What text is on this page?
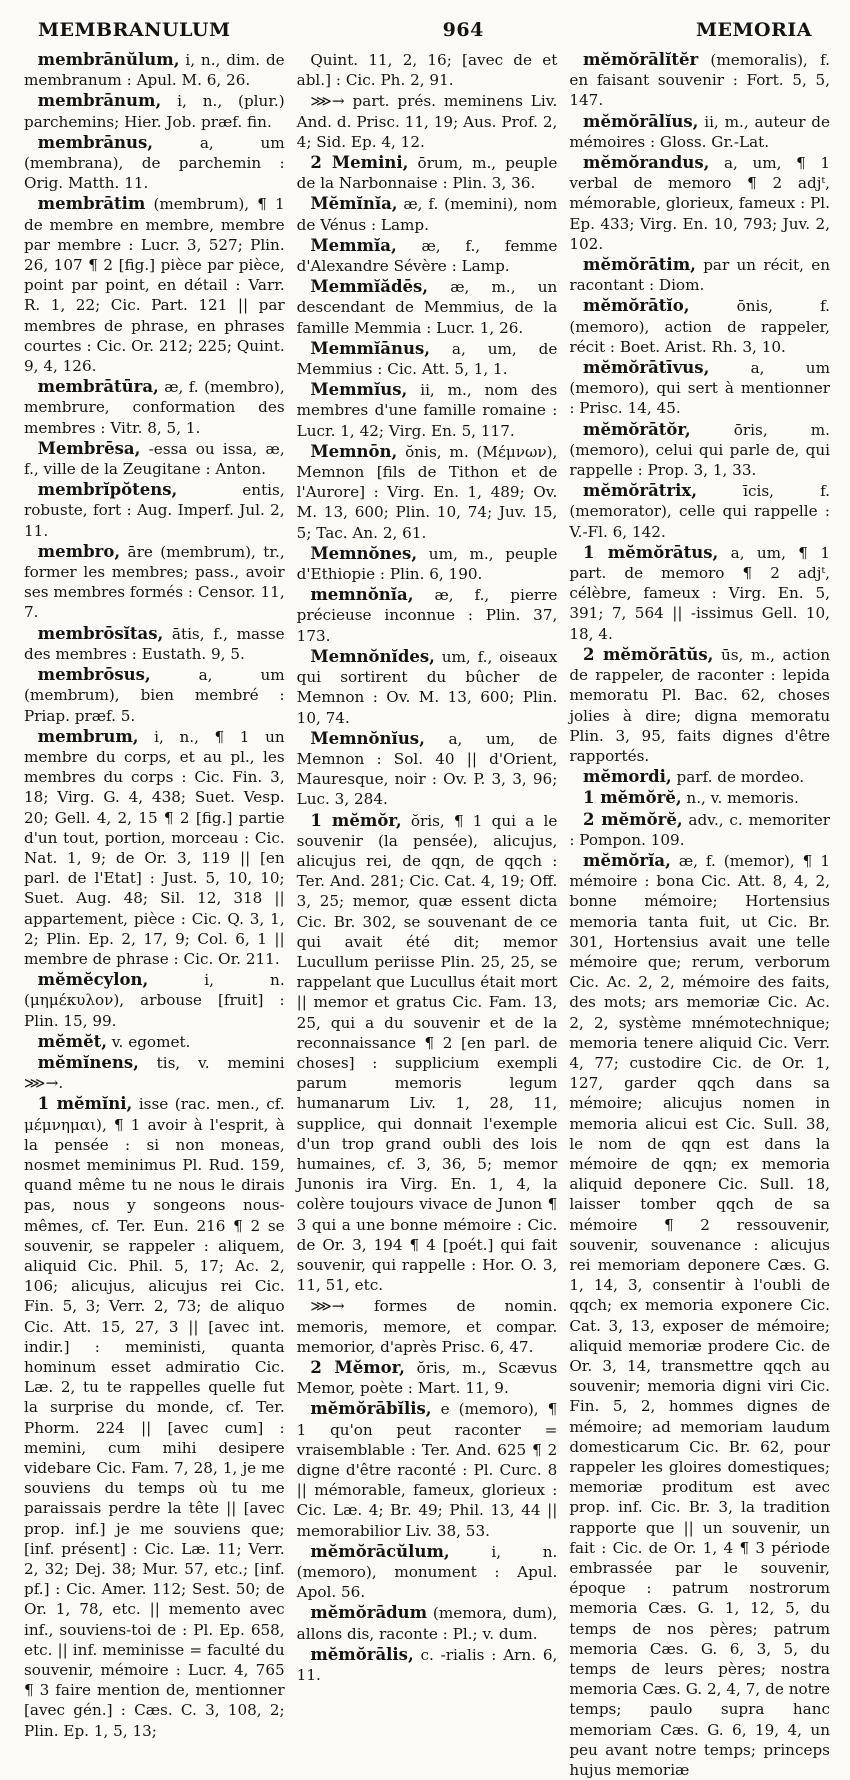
MEMBRANULUM	964	MEMORIA

membrānŭlum, i, n., dim. de membranum : Apul. M. 6, 26.

membrānum, i, n., (plur.) parchemins; Hier. Job. præf. fin.

membrānus,	a, um (membrana), de parchemin : Orig. Matth. 11.

membrātim (membrum), ¶ 1 de membre en membre, membre par membre : Lucr. 3, 527; Plin. 26, 107 ¶ 2 [fig.] pièce par pièce, point par point, en détail : Varr. R. 1, 22; Cic. Part. 121 || par membres de phrase, en phrases courtes : Cic. Or. 212; 225; Quint. 9, 4, 126.

membrātūra, æ, f. (membro), membrure, conformation des membres : Vitr. 8, 5, 1.

Membrēsa, -essa ou issa, æ, f., ville de la Zeugitane : Anton.

membrĭpŏtens,	entis, robuste, fort : Aug. Imperf. Jul. 2, 11.

membro, āre (membrum), tr., former les membres; pass., avoir ses membres formés : Censor. 11, 7.

membrōsĭtas, ātis, f., masse des membres : Eustath. 9, 5.

membrōsus,	a, um (membrum), bien membré : Priap. præf. 5.

membrum, i, n., ¶ 1 un membre du corps, et au pl., les membres du corps : Cic. Fin. 3, 18; Virg. G. 4, 438; Suet. Vesp. 20; Gell. 4, 2, 15 ¶ 2 [fig.] partie d'un tout, portion, morceau : Cic. Nat. 1, 9; de Or. 3, 119 || [en parl. de l'Etat] : Just. 5, 10, 10; Suet. Aug. 48; Sil. 12, 318 || appartement, pièce : Cic. Q. 3, 1, 2; Plin. Ep. 2, 17, 9; Col. 6, 1 || membre de phrase : Cic. Or. 211.

mĕmĕcylon,	i, n. (μημέκυλον), arbouse [fruit] : Plin. 15, 99.

mĕmĕt, v. egomet.

mĕmĭnens, tis, v. memini ⋙→.

1 mĕmĭni, isse (rac. men., cf. μέμνημαι), ¶ 1 avoir à l'esprit, à la pensée : si non moneas, nosmet meminimus Pl. Rud. 159, quand même tu ne nous le dirais pas, nous y songeons nous-mêmes, cf. Ter. Eun. 216 ¶ 2 se souvenir, se rappeler : aliquem, aliquid Cic. Phil. 5, 17; Ac. 2, 106; alicujus, alicujus rei Cic. Fin. 5, 3; Verr. 2, 73; de aliquo Cic. Att. 15, 27, 3 || [avec int. indir.] : meministi, quanta hominum esset admiratio Cic. Læ. 2, tu te rappelles quelle fut la surprise du monde, cf. Ter. Phorm. 224 || [avec cum] : memini, cum mihi desipere videbare Cic. Fam. 7, 28, 1, je me souviens du temps où tu me paraissais perdre la tête || [avec prop. inf.] je me souviens que; [inf. présent] : Cic. Læ. 11; Verr. 2, 32; Dej. 38; Mur. 57, etc.; [inf. pf.] : Cic. Amer. 112; Sest. 50; de Or. 1, 78, etc. || memento avec inf., souviens-toi de : Pl. Ep. 658, etc. || inf. meminisse = faculté du souvenir, mémoire : Lucr. 4, 765 ¶ 3 faire mention de, mentionner [avec gén.] : Cæs. C. 3, 108, 2; Plin. Ep. 1, 5, 13;

Quint. 11, 2, 16; [avec de et abl.] : Cic. Ph. 2, 91.

⋙→ part. prés. meminens Liv. And. d. Prisc. 11, 19; Aus. Prof. 2, 4; Sid. Ep. 4, 12.

2 Memini, ōrum, m., peuple de la Narbonnaise : Plin. 3, 36.

Mĕmĭnĭa, æ, f. (memini), nom de Vénus : Lamp.

Memmĭa, æ, f., femme d'Alexandre Sévère : Lamp.

Memmĭădēs, æ, m., un descendant de Memmius, de la famille Memmia : Lucr. 1, 26.

Memmĭānus, a, um, de Memmius : Cic. Att. 5, 1, 1.

Memmĭus, ii, m., nom des membres d'une famille romaine : Lucr. 1, 42; Virg. En. 5, 117.

Memnōn, ŏnis, m. (Μέμνων), Memnon [fils de Tithon et de l'Aurore] : Virg. En. 1, 489; Ov. M. 13, 600; Plin. 10, 74; Juv. 15, 5; Tac. An. 2, 61.

Memnŏnes, um, m., peuple d'Ethiopie : Plin. 6, 190.

memnŏnĭa, æ, f., pierre précieuse inconnue : Plin. 37, 173.

Memnŏnĭdes, um, f., oiseaux qui sortirent du bûcher de Memnon : Ov. M. 13, 600; Plin. 10, 74.

Memnŏnĭus, a, um, de Memnon : Sol. 40 || d'Orient, Mauresque, noir : Ov. P. 3, 3, 96; Luc. 3, 284.

1 mĕmŏr, ŏris, ¶ 1 qui a le souvenir (la pensée), alicujus, alicujus rei, de qqn, de qqch : Ter. And. 281; Cic. Cat. 4, 19; Off. 3, 25; memor, quæ essent dicta Cic. Br. 302, se souvenant de ce qui avait été dit; memor Lucullum periisse Plin. 25, 25, se rappelant que Lucullus était mort || memor et gratus Cic. Fam. 13, 25, qui a du souvenir et de la reconnaissance ¶ 2 [en parl. de choses] : supplicium exempli parum memoris legum humanarum Liv. 1, 28, 11, supplice, qui donnait l'exemple d'un trop grand oubli des lois humaines, cf. 3, 36, 5; memor Junonis ira Virg. En. 1, 4, la colère toujours vivace de Junon ¶ 3 qui a une bonne mémoire : Cic. de Or. 3, 194 ¶ 4 [poét.] qui fait souvenir, qui rappelle : Hor. O. 3, 11, 51, etc.

⋙→ formes de nomin. memoris, memore, et compar. memorior, d'après Prisc. 6, 47.

2 Mĕmor, ŏris, m., Scævus Memor, poète : Mart. 11, 9.

mĕmŏrābĭlis, e (memoro), ¶ 1 qu'on peut raconter = vraisemblable : Ter. And. 625 ¶ 2 digne d'être raconté : Pl. Curc. 8 || mémorable, fameux, glorieux : Cic. Læ. 4; Br. 49; Phil. 13, 44 || memorabilior Liv. 38, 53.

mĕmŏrācŭlum,	i, n. (memoro), monument : Apul. Apol. 56.

mĕmŏrādum (memora, dum), allons dis, raconte : Pl.; v. dum.

mĕmŏrālis, c. -rialis : Arn. 6, 11.

mĕmŏrālĭtĕr (memoralis), f. en faisant souvenir : Fort. 5, 5, 147.

mĕmŏrālĭus, ii, m., auteur de mémoires : Gloss. Gr.-Lat.

mĕmŏrandus, a, um, ¶ 1 verbal de memoro ¶ 2 adjᵗ, mémorable, glorieux, fameux : Pl. Ep. 433; Virg. En. 10, 793; Juv. 2, 102.

mĕmŏrātim, par un récit, en racontant : Diom.

mĕmŏrātĭo,	ōnis, f. (memoro), action de rappeler, récit : Boet. Arist. Rh. 3, 10.

mĕmŏrātīvus,	a, um (memoro), qui sert à mentionner : Prisc. 14, 45.

mĕmŏrātŏr,	ōris, m. (memoro), celui qui parle de, qui rappelle : Prop. 3, 1, 33.

mĕmŏrātrix,	īcis, f. (memorator), celle qui rappelle : V.-Fl. 6, 142.

1 mĕmŏrātus, a, um, ¶ 1 part. de memoro ¶ 2 adjᵗ, célèbre, fameux : Virg. En. 5, 391; 7, 564 || -issimus Gell. 10, 18, 4.

2 mĕmŏrātŭs, ūs, m., action de rappeler, de raconter : lepida memoratu Pl. Bac. 62, choses jolies à dire; digna memoratu Plin. 3, 95, faits dignes d'être rapportés.

mĕmordi, parf. de mordeo.

1 mĕmŏrĕ, n., v. memoris.

2 mĕmŏrĕ, adv., c. memoriter : Pompon. 109.

mĕmŏrĭa, æ, f. (memor), ¶ 1 mémoire : bona Cic. Att. 8, 4, 2, bonne mémoire; Hortensius memoria tanta fuit, ut Cic. Br. 301, Hortensius avait une telle mémoire que; rerum, verborum Cic. Ac. 2, 2, mémoire des faits, des mots; ars memoriæ Cic. Ac. 2, 2, système mnémotechnique; memoria tenere aliquid Cic. Verr. 4, 77; custodire Cic. de Or. 1, 127, garder qqch dans sa mémoire; alicujus nomen in memoria alicui est Cic. Sull. 38, le nom de qqn est dans la mémoire de qqn; ex memoria aliquid deponere Cic. Sull. 18, laisser tomber qqch de sa mémoire ¶ 2 ressouvenir, souvenir, souvenance : alicujus rei memoriam deponere Cæs. G. 1, 14, 3, consentir à l'oubli de qqch; ex memoria exponere Cic. Cat. 3, 13, exposer de mémoire; aliquid memoriæ prodere Cic. de Or. 3, 14, transmettre qqch au souvenir; memoria digni viri Cic. Fin. 5, 2, hommes dignes de mémoire; ad memoriam laudum domesticarum Cic. Br. 62, pour rappeler les gloires domestiques; memoriæ proditum est avec prop. inf. Cic. Br. 3, la tradition rapporte que || un souvenir, un fait : Cic. de Or. 1, 4 ¶ 3 période embrassée par le souvenir, époque : patrum nostrorum memoria Cæs. G. 1, 12, 5, du temps de nos pères; patrum memoria Cæs. G. 6, 3, 5, du temps de leurs pères; nostra memoria Cæs. G. 2, 4, 7, de notre temps; paulo supra hanc memoriam Cæs. G. 6, 19, 4, un peu avant notre temps; princeps hujus memoriæ
